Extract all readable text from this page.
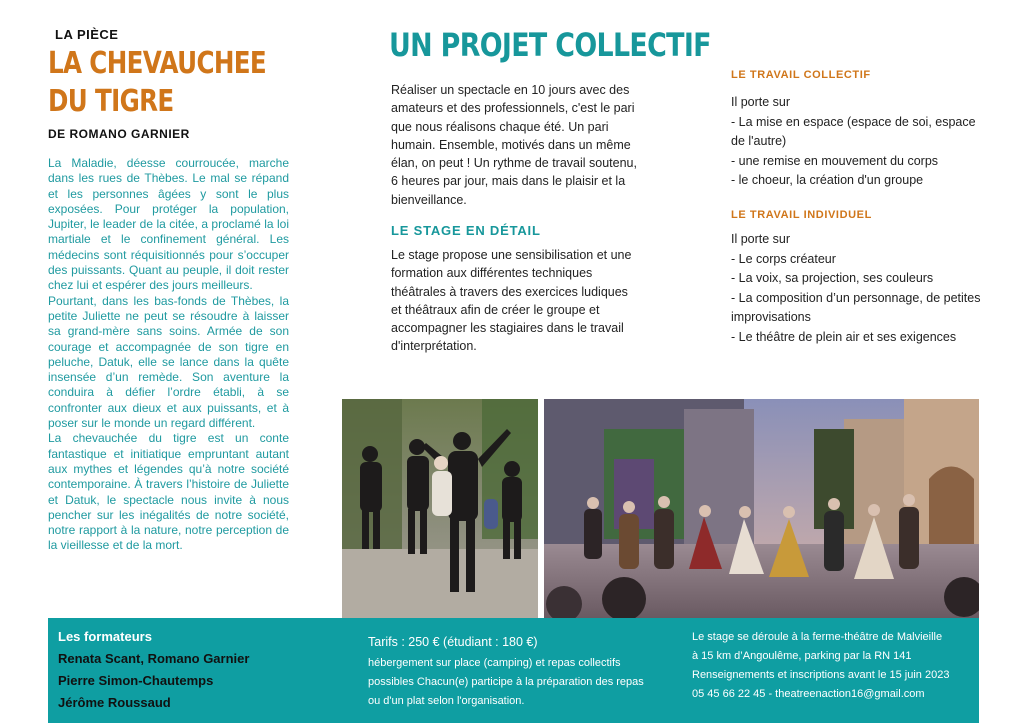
LA PIÈCE
LA CHEVAUCHEE
DU TIGRE
DE ROMANO GARNIER

La Maladie, déesse courroucée, marche dans les rues de Thèbes. Le mal se répand et les personnes âgées y sont le plus exposées. Pour protéger la population, Jupiter, le leader de la citée, a proclamé la loi martiale et le confinement général. Les médecins sont réquisitionnés pour s’occuper des puissants. Quant au peuple, il doit rester chez lui et espérer des jours meilleurs.

Pourtant, dans les bas-fonds de Thèbes, la petite Juliette ne peut se résoudre à laisser sa grand-mère sans soins. Armée de son courage et accompagnée de son tigre en peluche, Datuk, elle se lance dans la quête insensée d’un remède. Son aventure la conduira à défier l’ordre établi, à se confronter aux dieux et aux puissants, et à poser sur le monde un regard différent.

La chevauchée du tigre est un conte fantastique et initiatique empruntant autant aux mythes et légendes qu’à notre société contemporaine. À travers l’histoire de Juliette et Datuk, le spectacle nous invite à nous pencher sur les inégalités de notre société, notre rapport à la nature, notre perception de la vieillesse et de la mort.

UN PROJET COLLECTIF
Réaliser un spectacle en 10 jours avec des amateurs et des professionnels, c'est le pari que nous réalisons chaque été. Un pari humain. Ensemble, motivés dans un même élan, on peut ! Un rythme de travail soutenu, 6 heures par jour, mais dans le plaisir et la bienveillance.
LE STAGE EN DÉTAIL
Le stage propose une sensibilisation et une formation aux différentes techniques théâtrales à travers des exercices ludiques et théâtraux afin de créer le groupe et accompagner les stagiaires dans le travail d'interprétation.
LE TRAVAIL COLLECTIF
Il porte sur
- La mise en espace (espace de soi, espace de l'autre)
- une remise en mouvement du corps
- le choeur, la création d'un groupe
LE TRAVAIL INDIVIDUEL
Il porte sur
- Le corps créateur
- La voix, sa projection, ses couleurs
- La composition d’un personnage, de petites improvisations
- Le théâtre de plein air et ses exigences
Les formateurs
Renata Scant, Romano Garnier
Pierre Simon-Chautemps
Jérôme Roussaud
Tarifs : 250 € (étudiant : 180 €)
hébergement sur place (camping) et repas collectifs possibles Chacun(e) participe à la préparation des repas ou d'un plat selon l'organisation.
Le stage se déroule à la ferme-théâtre de Malvieille
à 15 km d’Angoulême, parking par la RN 141
Renseignements et inscriptions avant le 15 juin 2023
05 45 66 22 45 - theatreenaction16@gmail.com
